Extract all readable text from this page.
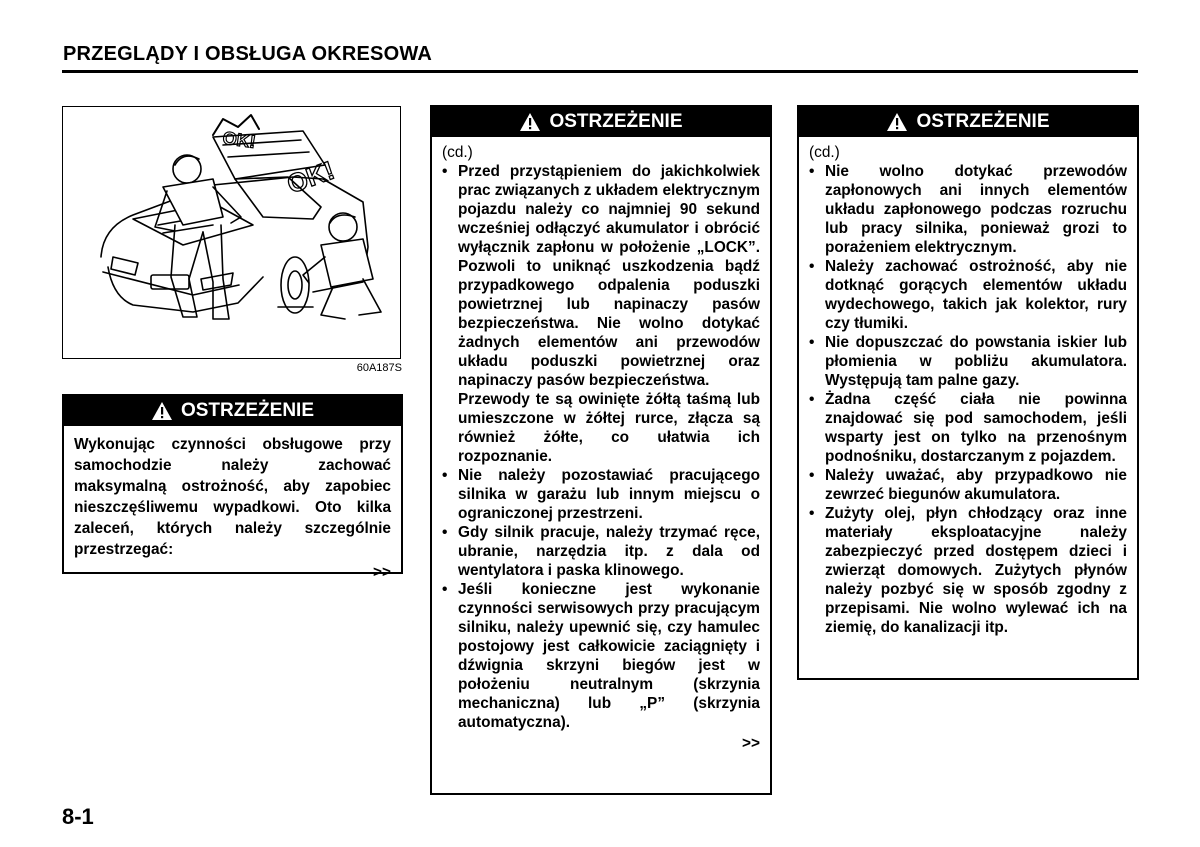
PRZEGLĄDY I OBSŁUGA OKRESOWA
OK!
OK!
60A187S
OSTRZEŻENIE
Wykonując czynności obsługowe przy samochodzie należy zachować maksymalną ostrożność, aby zapobiec nieszczęśliwemu wypadkowi. Oto kilka zaleceń, których należy szczególnie przestrzegać:
>>
OSTRZEŻENIE
(cd.)
• Przed przystąpieniem do jakichkolwiek prac związanych z układem elektrycznym pojazdu należy co najmniej 90 sekund wcześniej odłączyć akumulator i obrócić wyłącznik zapłonu w położenie „LOCK”. Pozwoli to uniknąć uszkodzenia bądź przypadkowego odpalenia poduszki powietrznej lub napinaczy pasów bezpieczeństwa. Nie wolno dotykać żadnych elementów ani przewodów układu poduszki powietrznej oraz napinaczy pasów bezpieczeństwa.
Przewody te są owinięte żółtą taśmą lub umieszczone w żółtej rurce, złącza są również żółte, co ułatwia ich rozpoznanie.
• Nie należy pozostawiać pracującego silnika w garażu lub innym miejscu o ograniczonej przestrzeni.
• Gdy silnik pracuje, należy trzymać ręce, ubranie, narzędzia itp. z dala od wentylatora i paska klinowego.
• Jeśli konieczne jest wykonanie czynności serwisowych przy pracującym silniku, należy upewnić się, czy hamulec postojowy jest całkowicie zaciągnięty i dźwignia skrzyni biegów jest w położeniu neutralnym (skrzynia mechaniczna) lub „P” (skrzynia automatyczna).
>>
OSTRZEŻENIE
(cd.)
• Nie wolno dotykać przewodów zapłonowych ani innych elementów układu zapłonowego podczas rozruchu lub pracy silnika, ponieważ grozi to porażeniem elektrycznym.
• Należy zachować ostrożność, aby nie dotknąć gorących elementów układu wydechowego, takich jak kolektor, rury czy tłumiki.
• Nie dopuszczać do powstania iskier lub płomienia w pobliżu akumulatora. Występują tam palne gazy.
• Żadna część ciała nie powinna znajdować się pod samochodem, jeśli wsparty jest on tylko na przenośnym podnośniku, dostarczanym z pojazdem.
• Należy uważać, aby przypadkowo nie zewrzeć biegunów akumulatora.
• Zużyty olej, płyn chłodzący oraz inne materiały eksploatacyjne należy zabezpieczyć przed dostępem dzieci i zwierząt domowych. Zużytych płynów należy pozbyć się w sposób zgodny z przepisami. Nie wolno wylewać ich na ziemię, do kanalizacji itp.
8-1
